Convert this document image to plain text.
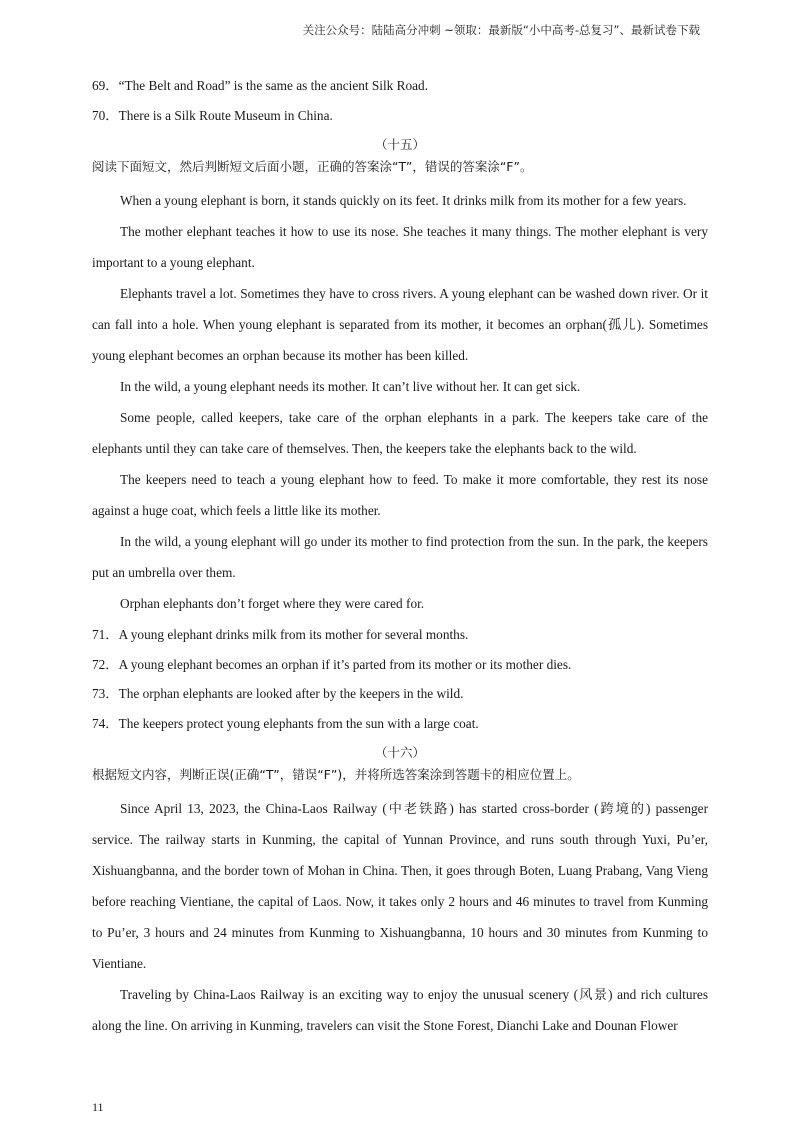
关注公众号：陆陆高分冲刺 ~领取：最新版“小中高考-总复习”、最新试卷下载
69．“The Belt and Road” is the same as the ancient Silk Road.
70．There is a Silk Route Museum in China.
（十五）
阅读下面短文，然后判断短文后面小题，正确的答案涂“T”，错误的答案涂“F”。

When a young elephant is born, it stands quickly on its feet. It drinks milk from its mother for a few years.

The mother elephant teaches it how to use its nose. She teaches it many things. The mother elephant is very important to a young elephant.

Elephants travel a lot. Sometimes they have to cross rivers. A young elephant can be washed down river. Or it can fall into a hole. When young elephant is separated from its mother, it becomes an orphan(孤儿). Sometimes young elephant becomes an orphan because its mother has been killed.

In the wild, a young elephant needs its mother. It can’t live without her. It can get sick.

Some people, called keepers, take care of the orphan elephants in a park. The keepers take care of the elephants until they can take care of themselves. Then, the keepers take the elephants back to the wild.

The keepers need to teach a young elephant how to feed. To make it more comfortable, they rest its nose against a huge coat, which feels a little like its mother.

In the wild, a young elephant will go under its mother to find protection from the sun. In the park, the keepers put an umbrella over them.

Orphan elephants don’t forget where they were cared for.

71．A young elephant drinks milk from its mother for several months.
72．A young elephant becomes an orphan if it’s parted from its mother or its mother dies.
73．The orphan elephants are looked after by the keepers in the wild.
74．The keepers protect young elephants from the sun with a large coat.
（十六）
根据短文内容，判断正误(正确“T”，错误“F”)，并将所选答案涂到答题卡的相应位置上。

Since April 13, 2023, the China-Laos Railway (中老铁路) has started cross-border (跨境的) passenger service. The railway starts in Kunming, the capital of Yunnan Province, and runs south through Yuxi, Pu’er, Xishuangbanna, and the border town of Mohan in China. Then, it goes through Boten, Luang Prabang, Vang Vieng before reaching Vientiane, the capital of Laos. Now, it takes only 2 hours and 46 minutes to travel from Kunming to Pu’er, 3 hours and 24 minutes from Kunming to Xishuangbanna, 10 hours and 30 minutes from Kunming to Vientiane.

Traveling by China-Laos Railway is an exciting way to enjoy the unusual scenery (风景) and rich cultures along the line. On arriving in Kunming, travelers can visit the Stone Forest, Dianchi Lake and Dounan Flower

11
